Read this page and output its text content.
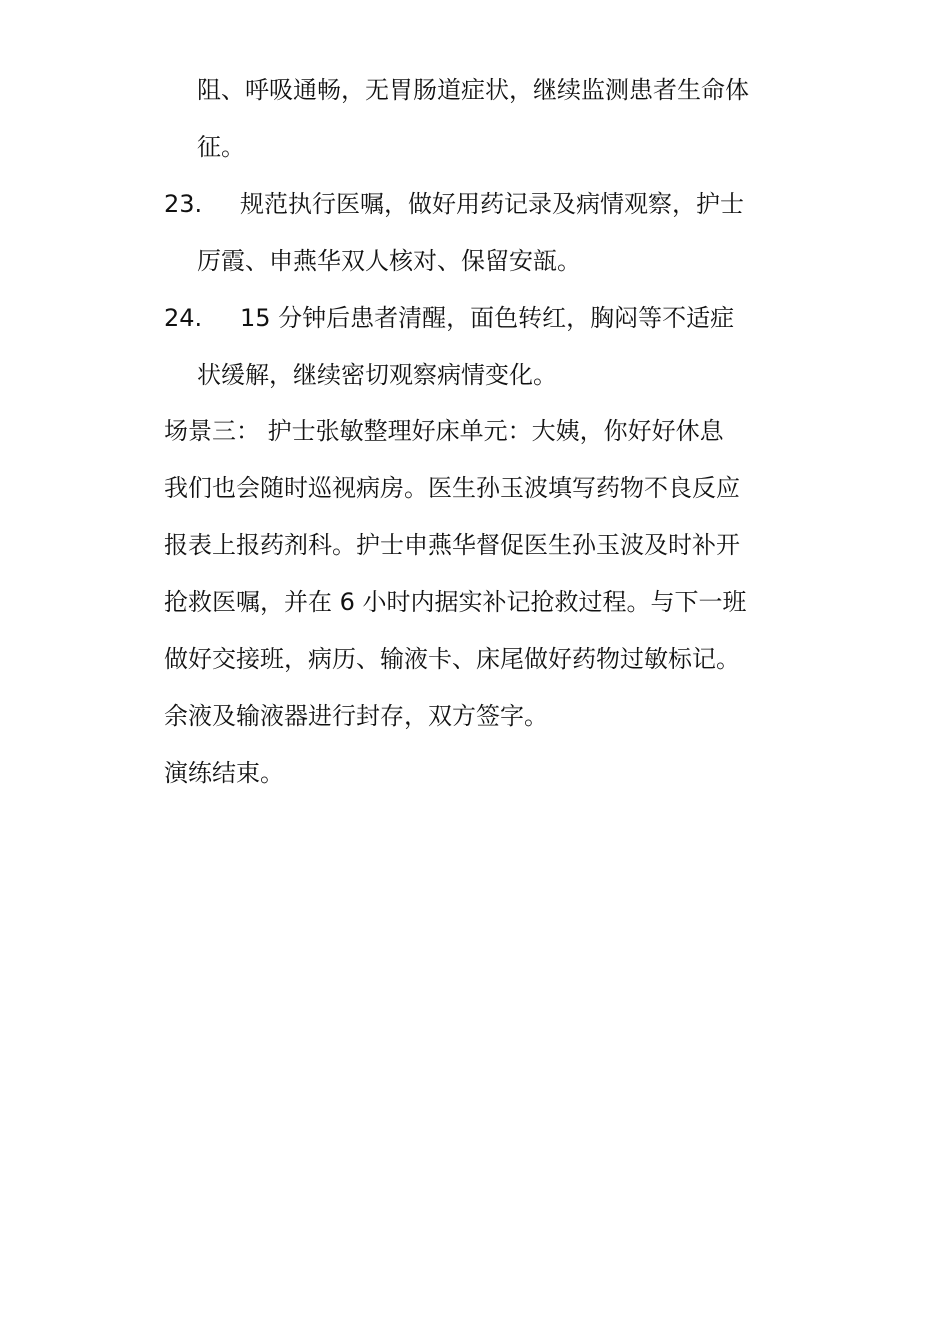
阻、呼吸通畅，无胃肠道症状，继续监测患者生命体
征。
23. 规范执行医嘱，做好用药记录及病情观察，护士
厉霞、申燕华双人核对、保留安瓿。
24. 15 分钟后患者清醒，面色转红，胸闷等不适症
状缓解，继续密切观察病情变化。
场景三： 护士张敏整理好床单元：大姨，你好好休息
我们也会随时巡视病房。医生孙玉波填写药物不良反应
报表上报药剂科。护士申燕华督促医生孙玉波及时补开
抢救医嘱，并在 6 小时内据实补记抢救过程。与下一班
做好交接班，病历、输液卡、床尾做好药物过敏标记。
余液及输液器进行封存，双方签字。
演练结束。
